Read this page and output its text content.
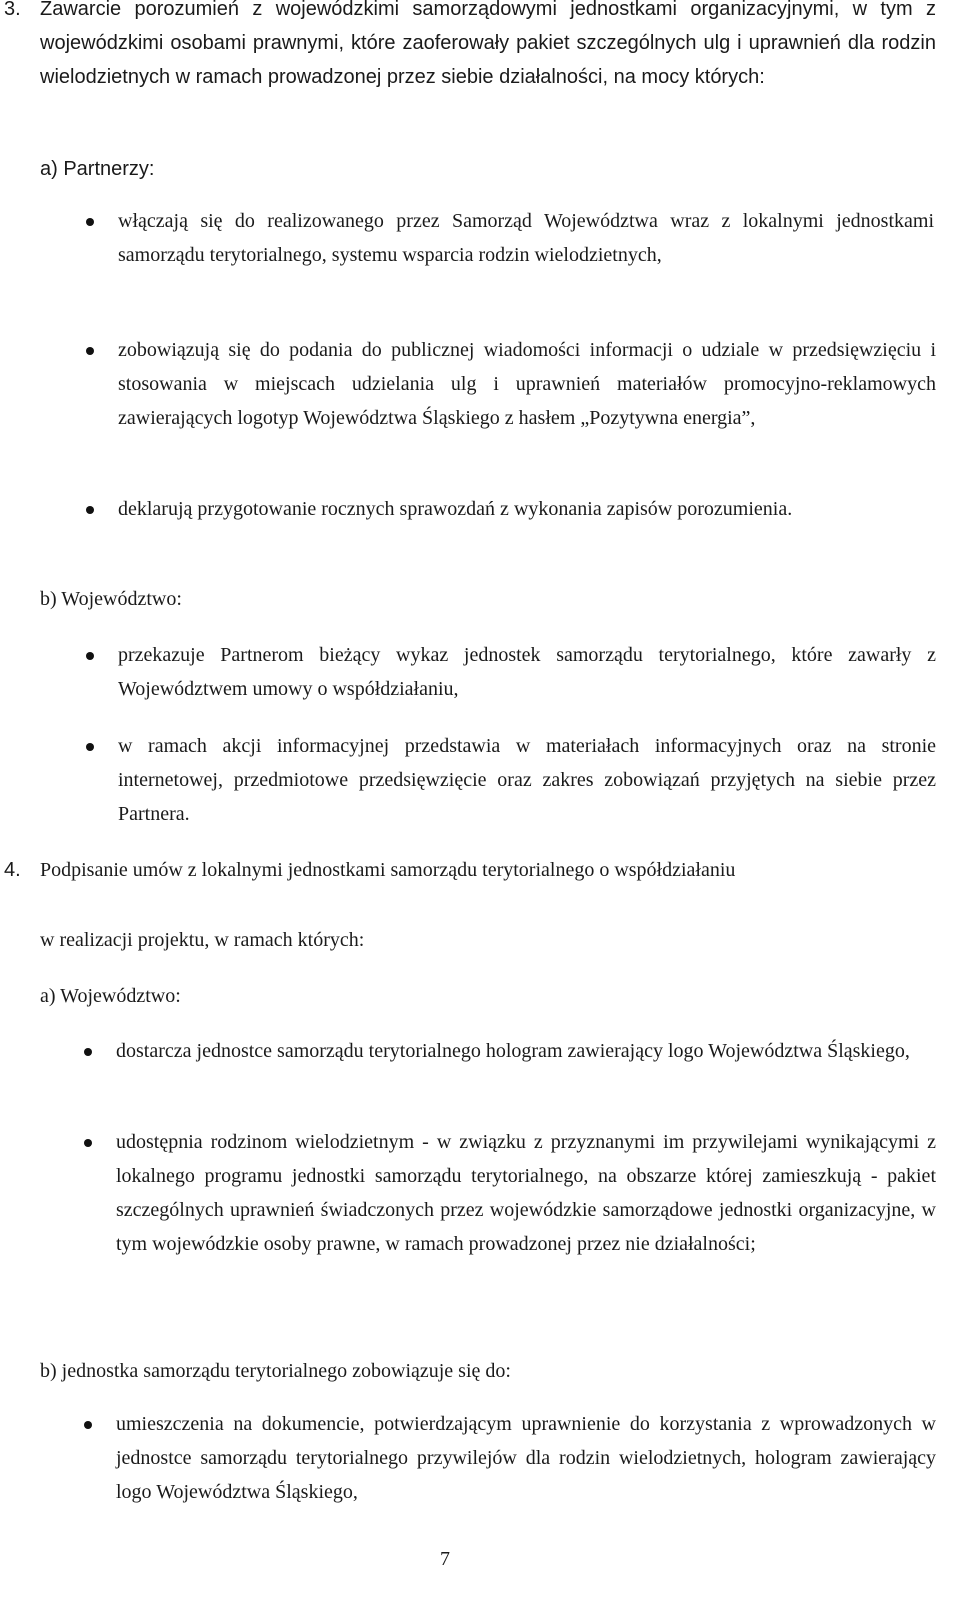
3. Zawarcie porozumień z wojewódzkimi samorządowymi jednostkami organizacyjnymi, w tym z wojewódzkimi osobami prawnymi, które zaoferowały pakiet szczególnych ulg i uprawnień dla rodzin wielodzietnych w ramach prowadzonej przez siebie działalności, na mocy których:

a) Partnerzy:

włączają się do realizowanego przez Samorząd Województwa wraz z lokalnymi jednostkami samorządu terytorialnego, systemu wsparcia rodzin wielodzietnych,

zobowiązują się do podania do publicznej wiadomości informacji o udziale w przedsięwzięciu i stosowania w miejscach udzielania ulg i uprawnień materiałów promocyjno-reklamowych zawierających logotyp Województwa Śląskiego z hasłem „Pozytywna energia”,

deklarują przygotowanie rocznych sprawozdań z wykonania zapisów porozumienia.

b) Województwo:

przekazuje Partnerom bieżący wykaz jednostek samorządu terytorialnego, które zawarły z Województwem umowy o współdziałaniu,

w ramach akcji informacyjnej przedstawia w materiałach informacyjnych oraz na stronie internetowej, przedmiotowe przedsięwzięcie oraz zakres zobowiązań przyjętych na siebie przez Partnera.

4. Podpisanie umów z lokalnymi jednostkami samorządu terytorialnego o współdziałaniu

w realizacji projektu, w ramach których:

a) Województwo:

dostarcza jednostce samorządu terytorialnego hologram zawierający logo Województwa Śląskiego,

udostępnia rodzinom wielodzietnym - w związku z przyznanymi im przywilejami wynikającymi z lokalnego programu jednostki samorządu terytorialnego, na obszarze której zamieszkują - pakiet szczególnych uprawnień świadczonych przez wojewódzkie samorządowe jednostki organizacyjne, w tym wojewódzkie osoby prawne, w ramach prowadzonej przez nie działalności;

b) jednostka samorządu terytorialnego zobowiązuje się do:

umieszczenia na dokumencie, potwierdzającym uprawnienie do korzystania z wprowadzonych w jednostce samorządu terytorialnego przywilejów dla rodzin wielodzietnych, hologram zawierający logo Województwa Śląskiego,

7
